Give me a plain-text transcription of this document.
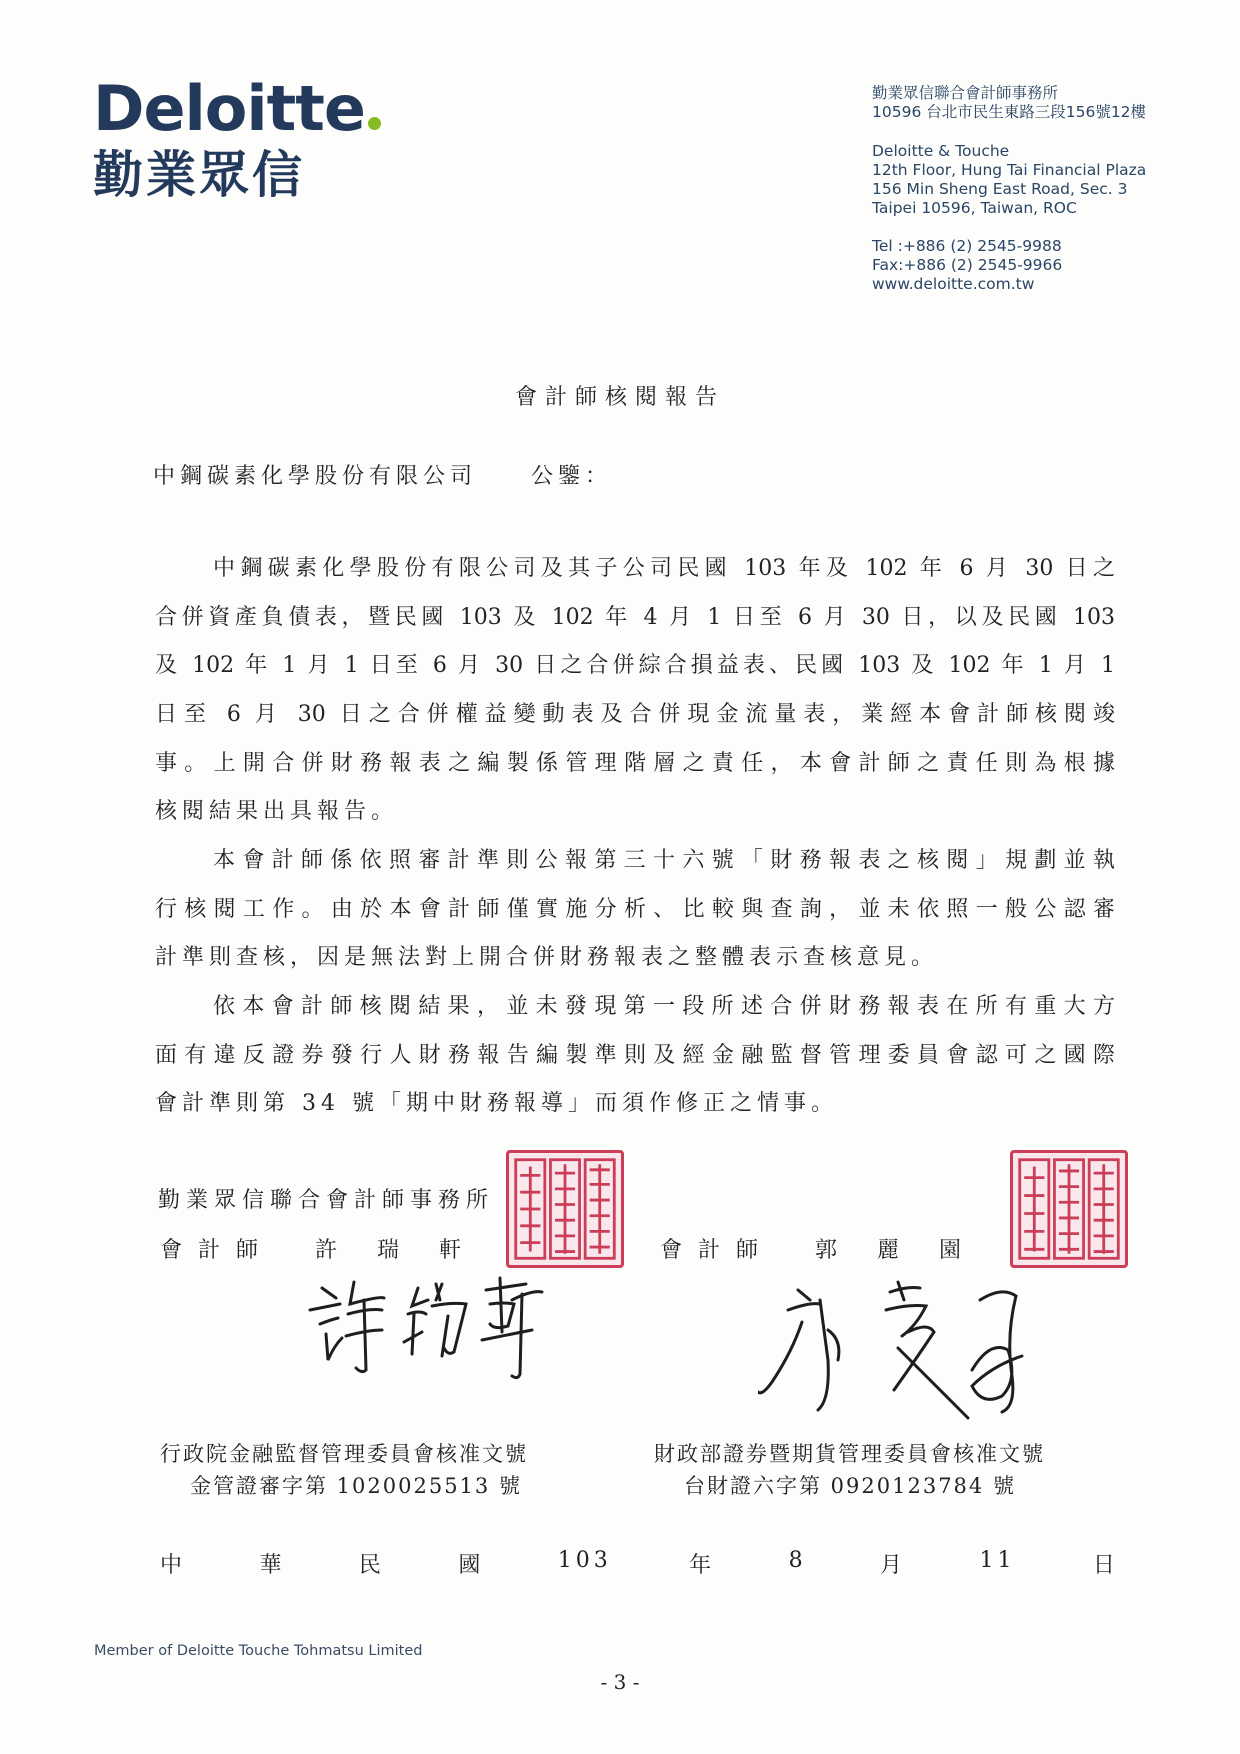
Deloitte
勤業眾信
勤業眾信聯合會計師事務所
10596 台北市民生東路三段156號12樓
Deloitte & Touche
12th Floor, Hung Tai Financial Plaza
156 Min Sheng East Road, Sec. 3
Taipei 10596, Taiwan, ROC
Tel :+886 (2) 2545-9988
Fax:+886 (2) 2545-9966
www.deloitte.com.tw
會計師核閱報告
中鋼碳素化學股份有限公司　　公鑒：
中鋼碳素化學股份有限公司及其子公司民國 103 年及 102 年 6 月 30 日之
合併資產負債表，暨民國 103 及 102 年 4 月 1 日至 6 月 30 日，以及民國 103
及 102 年 1 月 1 日至 6 月 30 日之合併綜合損益表、民國 103 及 102 年 1 月 1
日至 6 月 30 日之合併權益變動表及合併現金流量表，業經本會計師核閱竣
事。上開合併財務報表之編製係管理階層之責任，本會計師之責任則為根據
核閱結果出具報告。
本會計師係依照審計準則公報第三十六號「財務報表之核閱」規劃並執
行核閱工作。由於本會計師僅實施分析、比較與查詢，並未依照一般公認審
計準則查核，因是無法對上開合併財務報表之整體表示查核意見。
依本會計師核閱結果，並未發現第一段所述合併財務報表在所有重大方
面有違反證券發行人財務報告編製準則及經金融監督管理委員會認可之國際
會計準則第 34 號「期中財務報導」而須作修正之情事。
勤業眾信聯合會計師事務所
會計師 許瑞軒	會計師 郭麗園
行政院金融監督管理委員會核准文號
金管證審字第 1020025513 號
財政部證券暨期貨管理委員會核准文號
台財證六字第 0920123784 號
中	華	民	國	103	年	8	月	11	日
Member of Deloitte Touche Tohmatsu Limited
- 3 -
